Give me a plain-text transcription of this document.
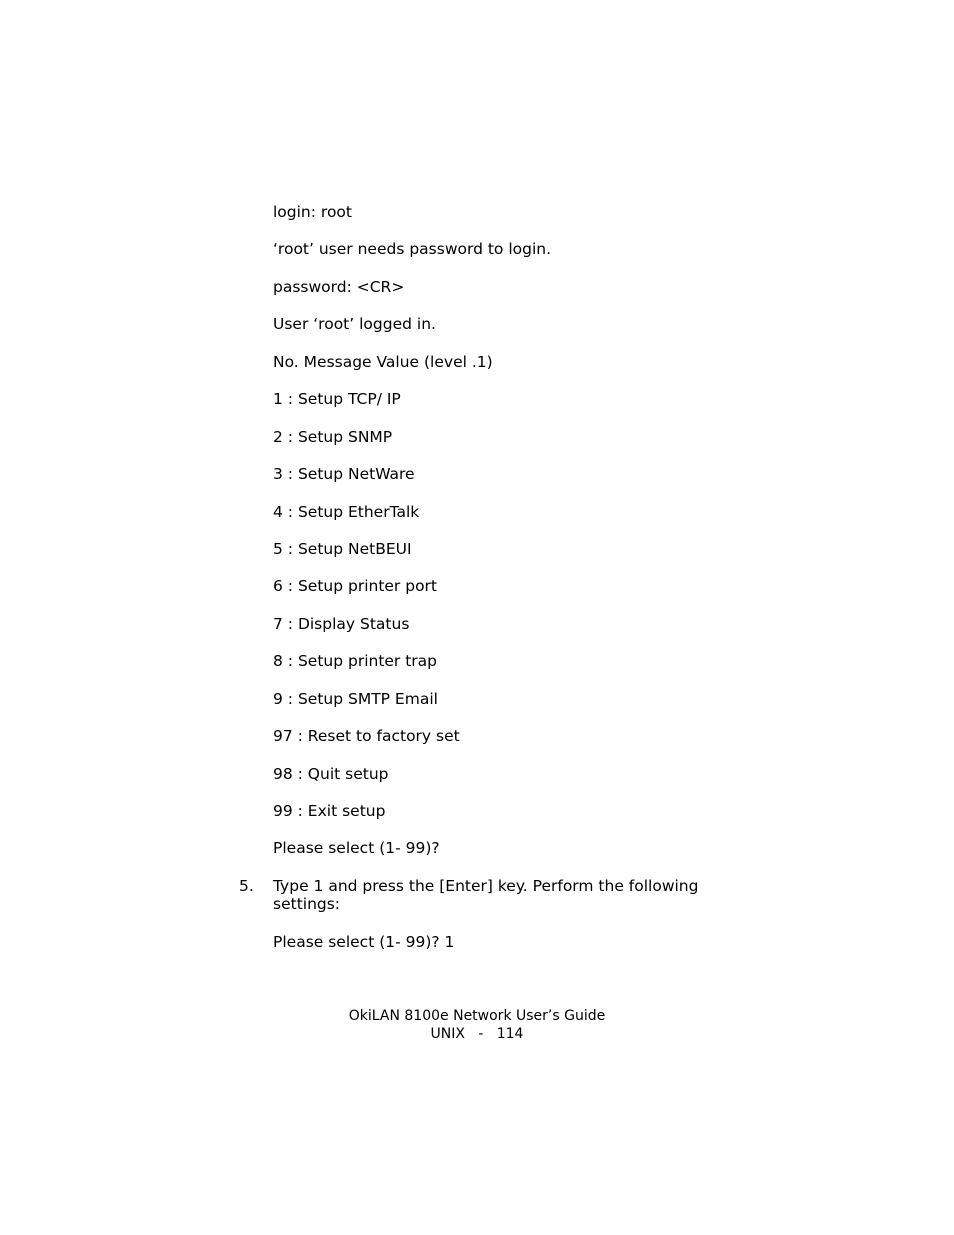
login: root
‘root’ user needs password to login.
password: <CR>
User ‘root’ logged in.
No. Message Value (level .1)
1 : Setup TCP/ IP
2 : Setup SNMP
3 : Setup NetWare
4 : Setup EtherTalk
5 : Setup NetBEUI
6 : Setup printer port
7 : Display Status
8 : Setup printer trap
9 : Setup SMTP Email
97 : Reset to factory set
98 : Quit setup
99 : Exit setup
Please select (1- 99)?
5. Type 1 and press the [Enter] key. Perform the following
settings:
Please select (1- 99)? 1
OkiLAN 8100e Network User’s Guide
UNIX   -   114
